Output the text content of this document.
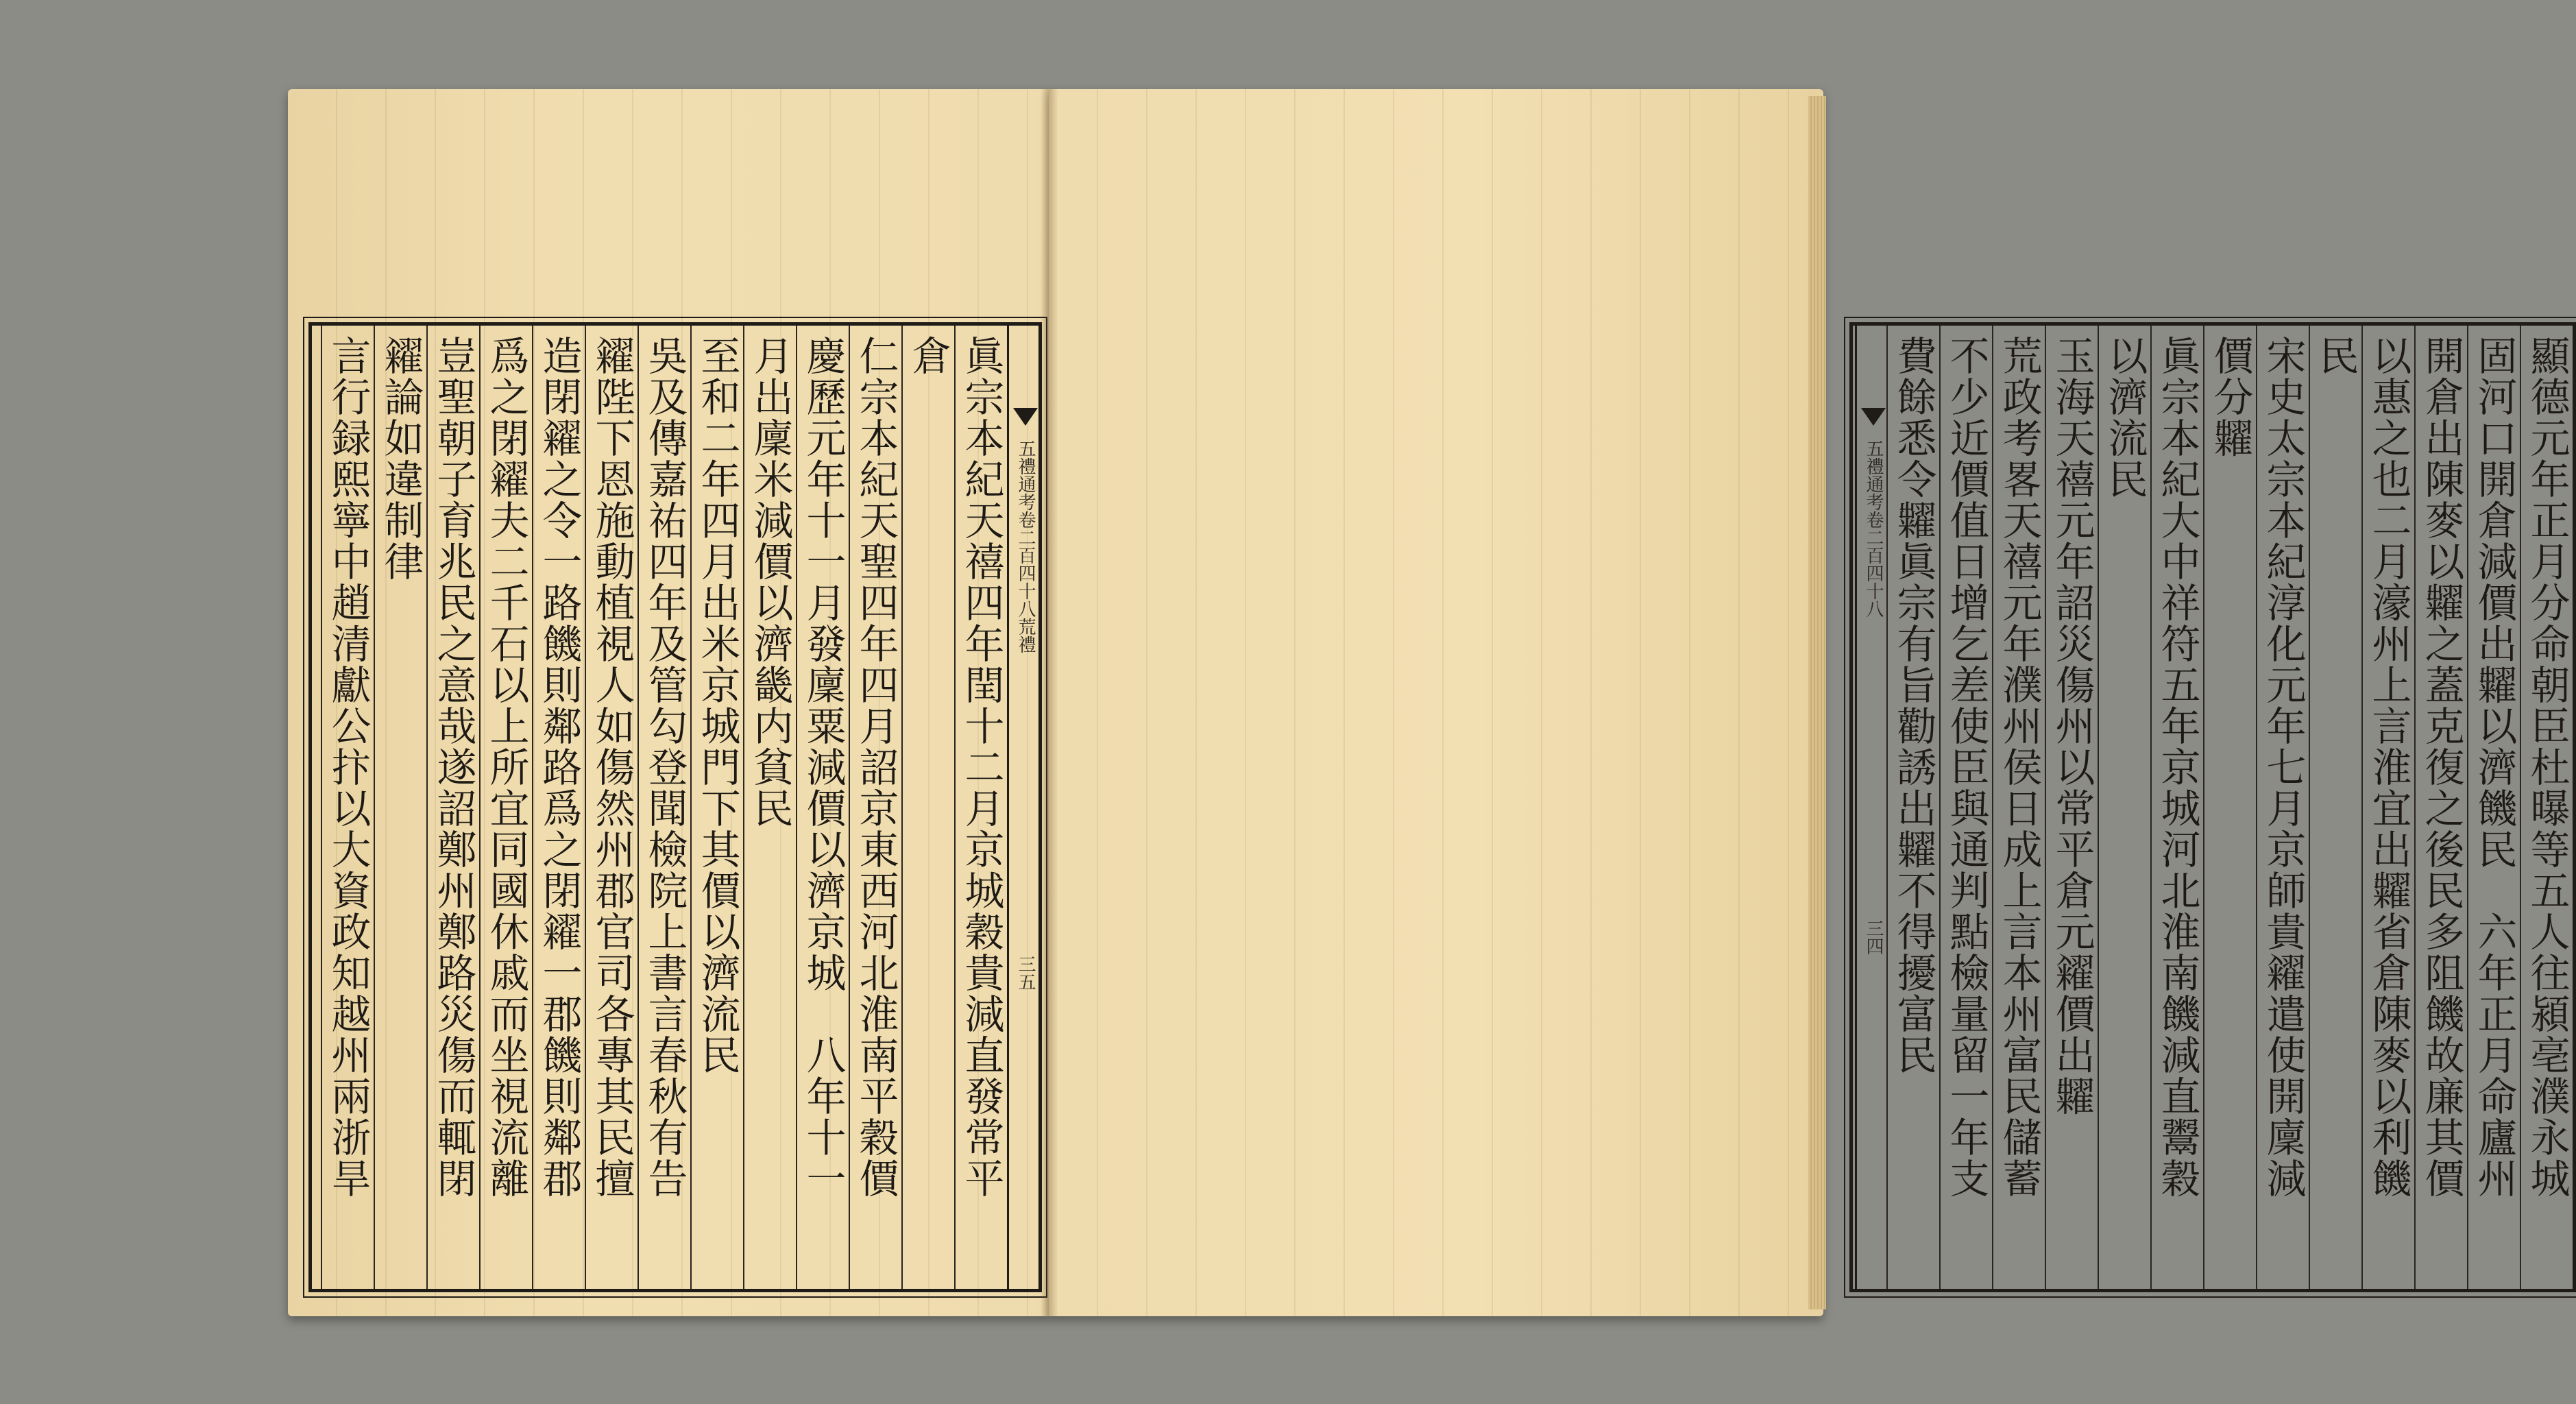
五禮通考卷二百四十八荒禮三五
眞宗本紀天禧四年閏十二月京城穀貴減直發常平
倉
仁宗本紀天聖四年四月詔京東西河北淮南平穀價
慶歷元年十一月發廩粟減價以濟京城　八年十一
月出廩米減價以濟畿内貧民
至和二年四月出米京城門下其價以濟流民
吳及傳嘉祐四年及管勾登聞檢院上書言春秋有告
糴陛下恩施動植視人如傷然州郡官司各專其民擅
造閉糴之令一路饑則鄰路爲之閉糴一郡饑則鄰郡
爲之閉糴夫二千石以上所宜同國休戚而坐視流離
豈聖朝子育兆民之意哉遂詔鄭州鄭路災傷而輒閉
糴論如違制律
言行録熙寧中趙清獻公抃以大資政知越州兩浙旱	顯德元年正月分命朝臣杜曝等五人往潁亳濮永城
固河口開倉減價出糶以濟饑民　六年正月命廬州
開倉出陳麥以糶之蓋克復之後民多阻饑故廉其價
以惠之也二月濠州上言淮宜出糶省倉陳麥以利饑
民
宋史太宗本紀淳化元年七月京師貴糴遣使開廩減
價分糶
眞宗本紀大中祥符五年京城河北淮南饑減直鬻穀
以濟流民
玉海天禧元年詔災傷州以常平倉元糴價出糶
荒政考畧天禧元年濮州侯日成上言本州富民儲蓄
不少近價值日增乞差使臣與通判點檢量留一年支
費餘悉令糶眞宗有旨勸誘出糶不得擾富民
五禮通考卷二百四十八三四
